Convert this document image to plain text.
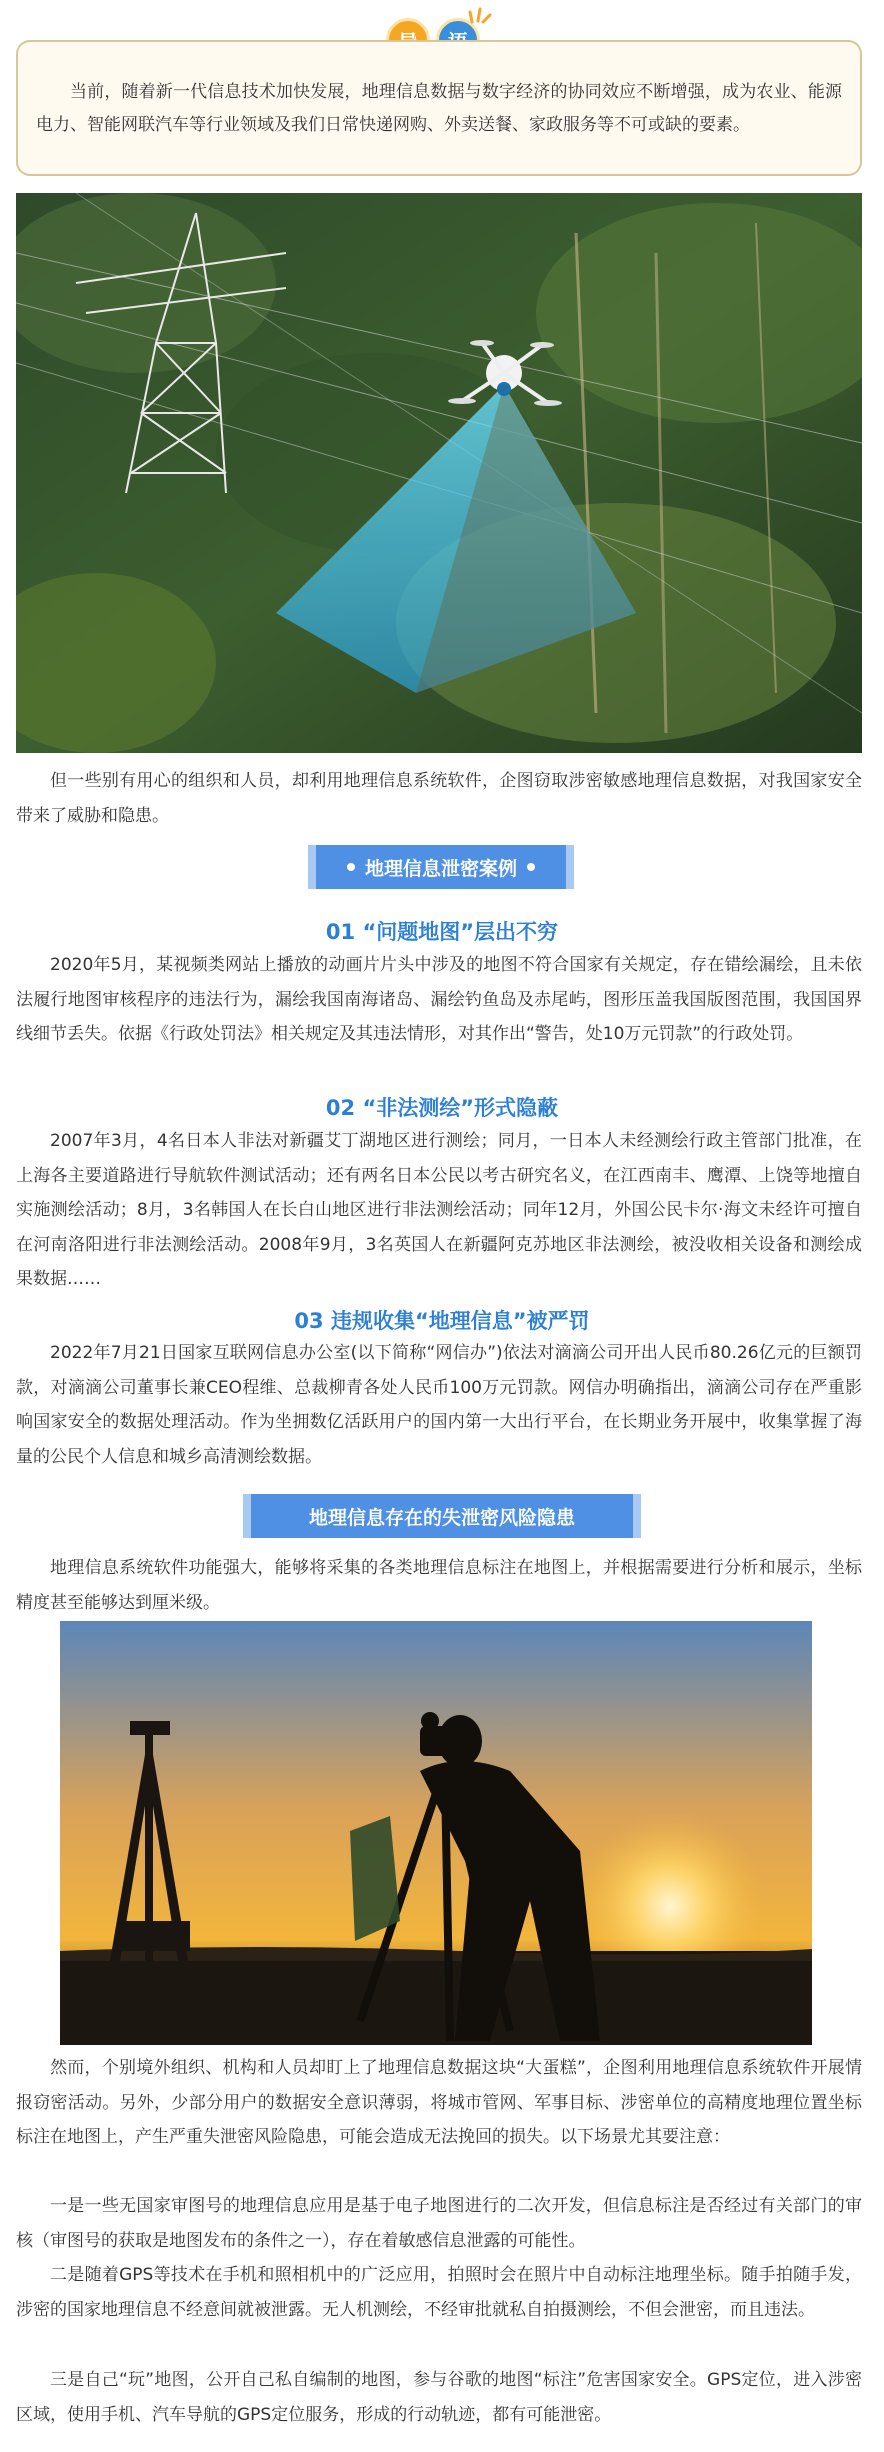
当前，随着新一代信息技术加快发展，地理信息数据与数字经济的协同效应不断增强，成为农业、能源电力、智能网联汽车等行业领域及我们日常快递网购、外卖送餐、家政服务等不可或缺的要素。

但一些别有用心的组织和人员，却利用地理信息系统软件，企图窃取涉密敏感地理信息数据，对我国家安全带来了威胁和隐患。

地理信息泄密案例
01 “问题地图”层出不穷

2020年5月，某视频类网站上播放的动画片片头中涉及的地图不符合国家有关规定，存在错绘漏绘，且未依法履行地图审核程序的违法行为，漏绘我国南海诸岛、漏绘钓鱼岛及赤尾屿，图形压盖我国版图范围，我国国界线细节丢失。依据《行政处罚法》相关规定及其违法情形，对其作出“警告，处10万元罚款”的行政处罚。

02 “非法测绘”形式隐蔽

2007年3月，4名日本人非法对新疆艾丁湖地区进行测绘；同月，一日本人未经测绘行政主管部门批准，在上海各主要道路进行导航软件测试活动；还有两名日本公民以考古研究名义，在江西南丰、鹰潭、上饶等地擅自实施测绘活动；8月，3名韩国人在长白山地区进行非法测绘活动；同年12月，外国公民卡尔·海文未经许可擅自在河南洛阳进行非法测绘活动。2008年9月，3名英国人在新疆阿克苏地区非法测绘，被没收相关设备和测绘成果数据……

03 违规收集“地理信息”被严罚

2022年7月21日国家互联网信息办公室(以下简称“网信办”)依法对滴滴公司开出人民币80.26亿元的巨额罚款，对滴滴公司董事长兼CEO程维、总裁柳青各处人民币100万元罚款。网信办明确指出，滴滴公司存在严重影响国家安全的数据处理活动。作为坐拥数亿活跃用户的国内第一大出行平台，在长期业务开展中，收集掌握了海量的公民个人信息和城乡高清测绘数据。

地理信息存在的失泄密风险隐患

地理信息系统软件功能强大，能够将采集的各类地理信息标注在地图上，并根据需要进行分析和展示，坐标精度甚至能够达到厘米级。

然而，个别境外组织、机构和人员却盯上了地理信息数据这块“大蛋糕”，企图利用地理信息系统软件开展情报窃密活动。另外，少部分用户的数据安全意识薄弱，将城市管网、军事目标、涉密单位的高精度地理位置坐标标注在地图上，产生严重失泄密风险隐患，可能会造成无法挽回的损失。以下场景尤其要注意：

一是一些无国家审图号的地理信息应用是基于电子地图进行的二次开发，但信息标注是否经过有关部门的审核（审图号的获取是地图发布的条件之一），存在着敏感信息泄露的可能性。

二是随着GPS等技术在手机和照相机中的广泛应用，拍照时会在照片中自动标注地理坐标。随手拍随手发，涉密的国家地理信息不经意间就被泄露。无人机测绘，不经审批就私自拍摄测绘，不但会泄密，而且违法。

三是自己“玩”地图，公开自己私自编制的地图，参与谷歌的地图“标注”危害国家安全。GPS定位，进入涉密区域，使用手机、汽车导航的GPS定位服务，形成的行动轨迹，都有可能泄密。
